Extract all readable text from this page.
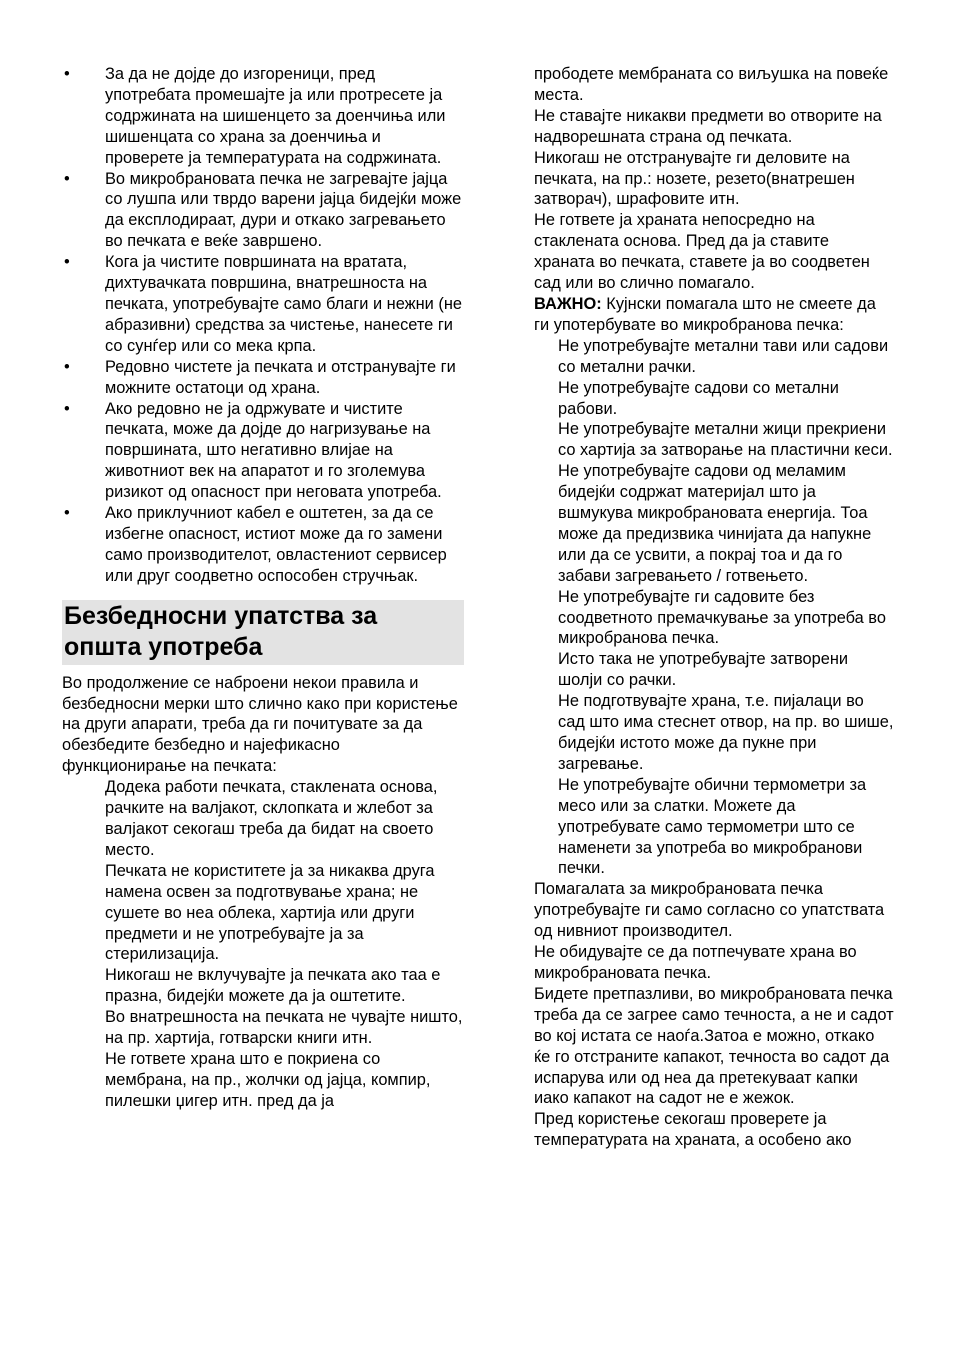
• За да не дојде до изгореници, пред употребата промешајте ја или протресете ја содржината на шишенцето за доенчиња или шишенцата со храна за доенчиња и проверете ја температурата на содржината.
• Во микробрановата печка не загревајте јајца со лушпа или тврдо варени јајца бидејќи може да експлодираат, дури и откако загревањето во печката е веќе завршено.
• Кога ја чистите површината на вратата, дихтувачката површина, внатрешноста на печката, употребувајте само благи и нежни (не абразивни) средства за чистење, нанесете ги со сунѓер или со мека крпа.
• Редовно чистете ја печката и отстранувајте ги можните остатоци од храна.
• Ако редовно не ја одржувате и чистите печката, може да дојде до нагризување на површината, што негативно влијае на животниот век на апаратот и го зголемува ризикот од опасност при неговата употреба.
• Ако приклучниот кабел е оштетен, за да се избегне опасност, истиот може да го замени само производителот, овластениот сервисер или друг соодветно оспособен стручњак.
Безбедносни упатства за
општа употреба

Во продолжение се наброени некои правила и безбедносни мерки што слично како при користење на други апарати, треба да ги почитувате за да обезбедите безбедно и најефикасно функционирање на печката:

Додека работи печката, стаклената основа, рачките на валјакот, склопката и жлебот за валјакот секогаш треба да бидат на своето место.

Печката не користитете ја за никаква друга намена освен за подготвување храна; не сушете во неа облека, хартија или други предмети и не употребувајте ја за стерилизација.

Никогаш не вклучувајте ја печката ако таа е празна, бидејќи можете да ја оштетите.

Во внатрешноста на печката не чувајте ништо, на пр. хартија, готварски книги итн.

Не гответе храна што е покриена со мембрана, на пр., жолчки од јајца, компир, пилешки џигер итн. пред да ја

прободете мембраната со виљушка на повеќе места.

Не ставајте никакви предмети во отворите на надворешната страна од печката.

Никогаш не отстранувајте ги деловите на печката, на пр.: нозете, резето(внатрешен затворач), шрафовите итн.

Не гответе ја храната непосредно на стаклената основа. Пред да ја ставите храната во печката, ставете ја во соодветен сад или во слично помагало.

ВАЖНО: Кујнски помагала што не смеете да ги употербувате во микробранова печка:

Не употребувајте метални тави или садови со метални рачки.

Не употребувајте садови со метални рабови.

Не употребувајте метални жици прекриени со хартија за затворање на пластични кеси.

Не употребувајте садови од меламим бидејќи содржат материјал што ја вшмукува микробрановата енергија. Тоа може да предизвика чинијата да напукне или да се усвити, а покрај тоа и да го забави загревањето / готвењето.

Не употребувајте ги садовите без соодветното премачкување за употреба во микробранова печка.

Исто така не употребувајте затворени шолји со рачки.

Не подготвувајте храна, т.е. пијалаци во сад што има стеснет отвор, на пр. во шише, бидејќи истото може да пукне при загревање.

Не употребувајте обични термометри за месо или за слатки. Можете да употребувате само термометри што се наменети за употреба во микробранови печки.

Помагалата за микробрановата печка употребувајте ги само согласно со упатствата од нивниот производител.

Не обидувајте се да потпечувате храна во микробрановата печка.

Бидете претпазливи, во микробрановата печка треба да се загрее само течноста, а не и садот во кој истата се наоѓа.Затоа е можно, откако ќе го отстраните капакот, течноста во садот да испарува или од неа да претекуваат капки иако капакот на садот не е жежок.

Пред користење секогаш проверете ја температурата на храната, а особено ако
